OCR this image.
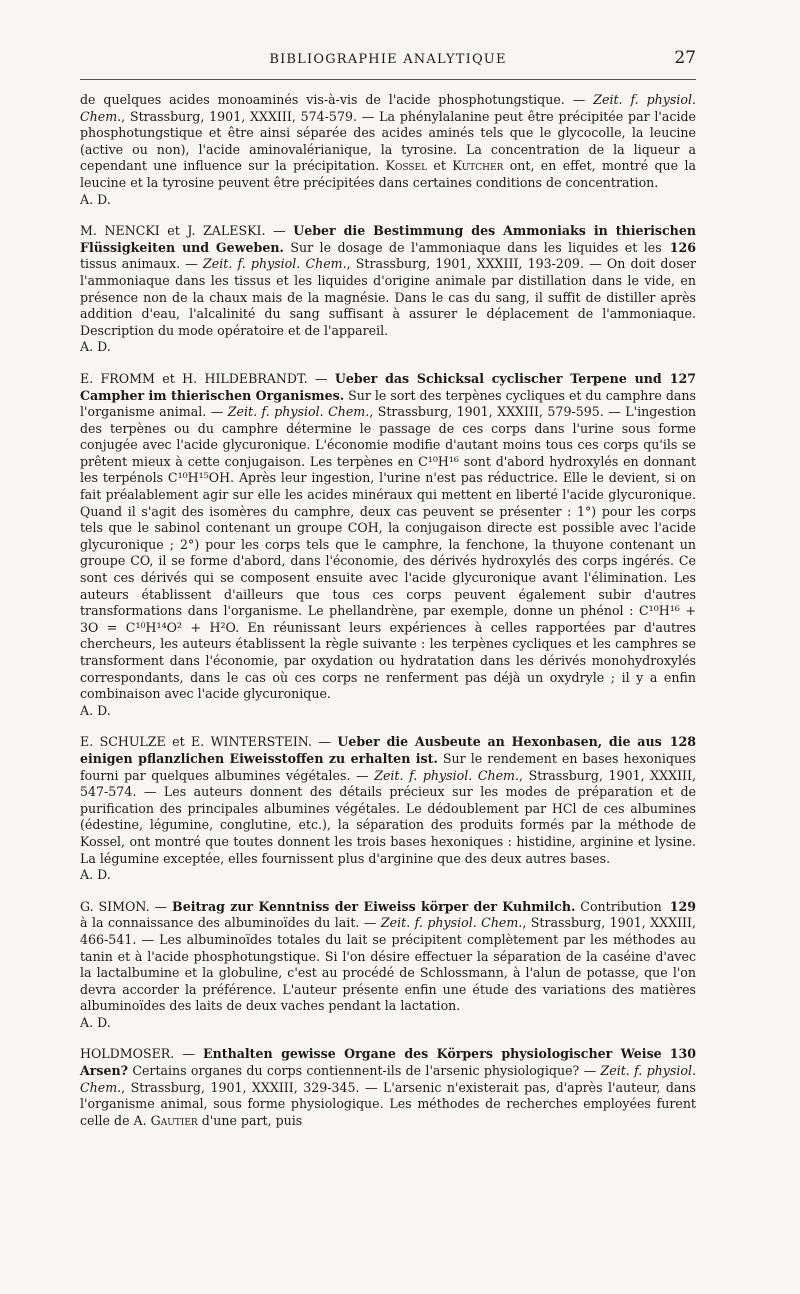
BIBLIOGRAPHIE ANALYTIQUE	27

de quelques acides monoaminés vis-à-vis de l'acide phosphotungstique. — Zeit. f. physiol. Chem., Strassburg, 1901, XXXIII, 574-579. — La phénylalanine peut être précipitée par l'acide phosphotungstique et être ainsi séparée des acides aminés tels que le glycocolle, la leucine (active ou non), l'acide aminovalérianique, la tyrosine. La concentration de la liqueur a cependant une influence sur la précipitation. Kossel et Kutcher ont, en effet, montré que la leucine et la tyrosine peuvent être précipitées dans certaines conditions de concentration.

A. D.

M. NENCKI et J. ZALESKI. — Ueber die Bestimmung des Ammoniaks in thierischen Flüssigkeiten und Geweben.	126
Sur le dosage de l'ammoniaque dans les liquides et les tissus animaux. — Zeit. f. physiol. Chem., Strassburg, 1901, XXXIII, 193-209. — On doit doser l'ammoniaque dans les tissus et les liquides d'origine animale par distillation dans le vide, en présence non de la chaux mais de la magnésie. Dans le cas du sang, il suffit de distiller après addition d'eau, l'alcalinité du sang suffisant à assurer le déplacement de l'ammoniaque. Description du mode opératoire et de l'appareil.

A. D.

127
E. FROMM et H. HILDEBRANDT. — Ueber das Schicksal cyclischer Terpene und Campher im thierischen Organismes. Sur le sort des terpènes cycliques et du camphre dans l'organisme animal. — Zeit. f. physiol. Chem., Strassburg, 1901, XXXIII, 579-595. — L'ingestion des terpènes ou du camphre détermine le passage de ces corps dans l'urine sous forme conjugée avec l'acide glycuronique. L'économie modifie d'autant moins tous ces corps qu'ils se prêtent mieux à cette conjugaison. Les terpènes en C¹⁰H¹⁶ sont d'abord hydroxylés en donnant les terpénols C¹⁰H¹⁵OH. Après leur ingestion, l'urine n'est pas réductrice. Elle le devient, si on fait préalablement agir sur elle les acides minéraux qui mettent en liberté l'acide glycuronique. Quand il s'agit des isomères du camphre, deux cas peuvent se présenter : 1°) pour les corps tels que le sabinol contenant un groupe COH, la conjugaison directe est possible avec l'acide glycuronique ; 2°) pour les corps tels que le camphre, la fenchone, la thuyone contenant un groupe CO, il se forme d'abord, dans l'économie, des dérivés hydroxylés des corps ingérés. Ce sont ces dérivés qui se composent ensuite avec l'acide glycuronique avant l'élimination. Les auteurs établissent d'ailleurs que tous ces corps peuvent également subir d'autres transformations dans l'organisme. Le phellandrène, par exemple, donne un phénol : C¹⁰H¹⁶ + 3O = C¹⁰H¹⁴O² + H²O. En réunissant leurs expériences à celles rapportées par d'autres chercheurs, les auteurs établissent la règle suivante : les terpènes cycliques et les camphres se transforment dans l'économie, par oxydation ou hydratation dans les dérivés monohydroxylés correspondants, dans le cas où ces corps ne renferment pas déjà un oxydryle ; il y a enfin combinaison avec l'acide glycuronique.

A. D.

128
E. SCHULZE et E. WINTERSTEIN. — Ueber die Ausbeute an Hexonbasen, die aus einigen pflanzlichen Eiweisstoffen zu erhalten ist. Sur le rendement en bases hexoniques fourni par quelques albumines végétales. — Zeit. f. physiol. Chem., Strassburg, 1901, XXXIII, 547-574. — Les auteurs donnent des détails précieux sur les modes de préparation et de purification des principales albumines végétales. Le dédoublement par HCl de ces albumines (édestine, légumine, conglutine, etc.), la séparation des produits formés par la méthode de Kossel, ont montré que toutes donnent les trois bases hexoniques : histidine, arginine et lysine. La légumine exceptée, elles fournissent plus d'arginine que des deux autres bases.

A. D.

129
G. SIMON. — Beitrag zur Kenntniss der Eiweiss körper der Kuhmilch. Contribution à la connaissance des albuminoïdes du lait. — Zeit. f. physiol. Chem., Strassburg, 1901, XXXIII, 466-541. — Les albuminoïdes totales du lait se précipitent complètement par les méthodes au tanin et à l'acide phosphotungstique. Si l'on désire effectuer la séparation de la caséine d'avec la lactalbumine et la globuline, c'est au procédé de Schlossmann, à l'alun de potasse, que l'on devra accorder la préférence. L'auteur présente enfin une étude des variations des matières albuminoïdes des laits de deux vaches pendant la lactation.

A. D.

130
HOLDMOSER. — Enthalten gewisse Organe des Körpers physiologischer Weise Arsen? Certains organes du corps contiennent-ils de l'arsenic physiologique? — Zeit. f. physiol. Chem., Strassburg, 1901, XXXIII, 329-345. — L'arsenic n'existerait pas, d'après l'auteur, dans l'organisme animal, sous forme physiologique. Les méthodes de recherches employées furent celle de A. Gautier d'une part, puis
